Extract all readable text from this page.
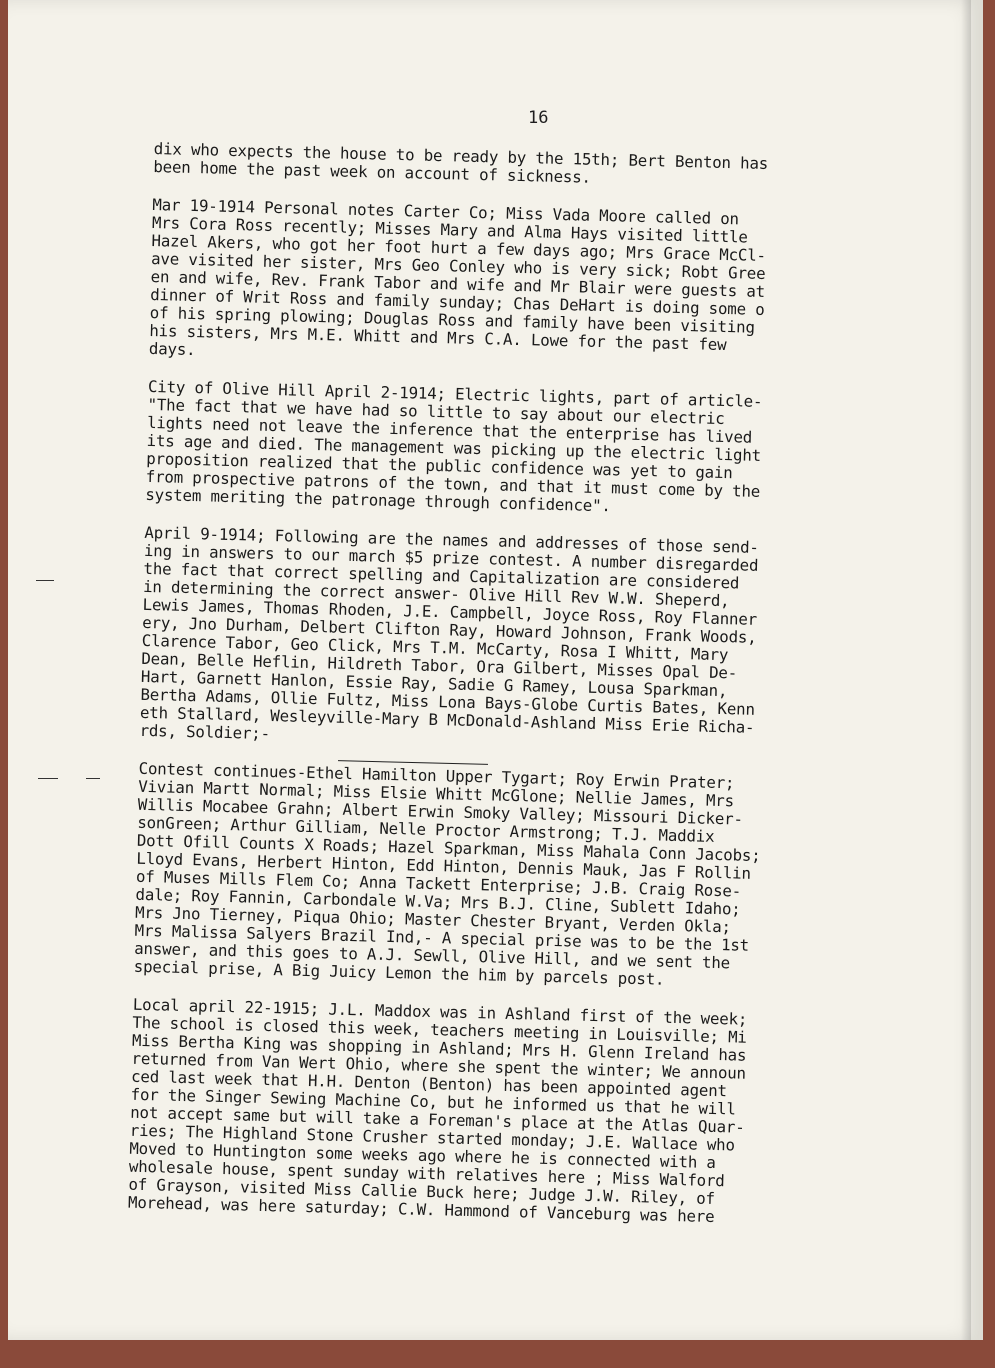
16

dix who expects the house to be ready by the 15th; Bert Benton has
been home the past week on account of sickness.

Mar 19-1914 Personal notes Carter Co; Miss Vada Moore called on
Mrs Cora Ross recently; Misses Mary and Alma Hays visited little
Hazel Akers, who got her foot hurt a few days ago; Mrs Grace McCl-
ave visited her sister, Mrs Geo Conley who is very sick; Robt Gree
en and wife, Rev. Frank Tabor and wife and Mr Blair were guests at
dinner of Writ Ross and family sunday; Chas DeHart is doing some o
of his spring plowing; Douglas Ross and family have been visiting
his sisters, Mrs M.E. Whitt and Mrs C.A. Lowe for the past few
days.

City of Olive Hill April 2-1914; Electric lights, part of article-
"The fact that we have had so little to say about our electric
lights need not leave the inference that the enterprise has lived
its age and died. The management was picking up the electric light
proposition realized that the public confidence was yet to gain
from prospective patrons of the town, and that it must come by the
system meriting the patronage through confidence".

April 9-1914; Following are the names and addresses of those send-
ing in answers to our march $5 prize contest. A number disregarded
the fact that correct spelling and Capitalization are considered
in determining the correct answer- Olive Hill Rev W.W. Sheperd,
Lewis James, Thomas Rhoden, J.E. Campbell, Joyce Ross, Roy Flanner
ery, Jno Durham, Delbert Clifton Ray, Howard Johnson, Frank Woods,
Clarence Tabor, Geo Click, Mrs T.M. McCarty, Rosa I Whitt, Mary
Dean, Belle Heflin, Hildreth Tabor, Ora Gilbert, Misses Opal De-
Hart, Garnett Hanlon, Essie Ray, Sadie G Ramey, Lousa Sparkman,
Bertha Adams, Ollie Fultz, Miss Lona Bays-Globe Curtis Bates, Kenn
eth Stallard, Wesleyville-Mary B McDonald-Ashland Miss Erie Richa-
rds, Soldier;-

Contest continues-Ethel Hamilton Upper Tygart; Roy Erwin Prater;
Vivian Martt Normal; Miss Elsie Whitt McGlone; Nellie James, Mrs
Willis Mocabee Grahn; Albert Erwin Smoky Valley; Missouri Dicker-
sonGreen; Arthur Gilliam, Nelle Proctor Armstrong; T.J. Maddix
Dott Ofill Counts X Roads; Hazel Sparkman, Miss Mahala Conn Jacobs;
Lloyd Evans, Herbert Hinton, Edd Hinton, Dennis Mauk, Jas F Rollin
of Muses Mills Flem Co; Anna Tackett Enterprise; J.B. Craig Rose-
dale; Roy Fannin, Carbondale W.Va; Mrs B.J. Cline, Sublett Idaho;
Mrs Jno Tierney, Piqua Ohio; Master Chester Bryant, Verden Okla;
Mrs Malissa Salyers Brazil Ind,- A special prise was to be the 1st
answer, and this goes to A.J. Sewll, Olive Hill, and we sent the
special prise, A Big Juicy Lemon the him by parcels post.

Local april 22-1915; J.L. Maddox was in Ashland first of the week;
The school is closed this week, teachers meeting in Louisville; Mi
Miss Bertha King was shopping in Ashland; Mrs H. Glenn Ireland has
returned from Van Wert Ohio, where she spent the winter; We announ
ced last week that H.H. Denton (Benton) has been appointed agent
for the Singer Sewing Machine Co, but he informed us that he will
not accept same but will take a Foreman's place at the Atlas Quar-
ries; The Highland Stone Crusher started monday; J.E. Wallace who
Moved to Huntington some weeks ago where he is connected with a
wholesale house, spent sunday with relatives here ; Miss Walford
of Grayson, visited Miss Callie Buck here; Judge J.W. Riley, of
Morehead, was here saturday; C.W. Hammond of Vanceburg was here
